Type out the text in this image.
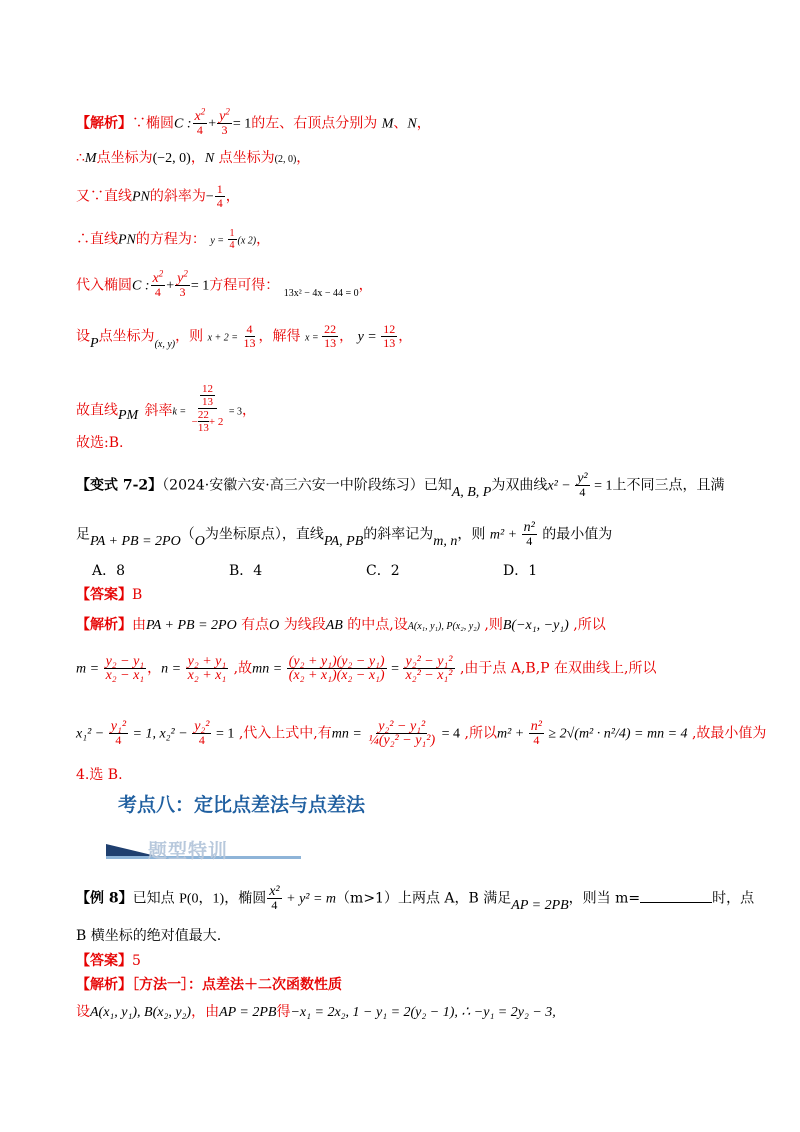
【解析】∵椭圆C : $\frac{x^2}{4} + \frac{y^2}{3} = 1$的左、右顶点分别为 M、N，
∴M点坐标为(−2, 0)，N 点坐标为(2, 0)，
又∵直线PN的斜率为− $\frac{1}{4}$ ，
∴直线PN的方程为： $y = \frac{1}{4} (x$ 2)，
代入椭圆C : $\frac{x^2}{4} + \frac{y^2}{3} = 1$方程可得： $_{13x^2 - 4x - 44 = 0}$，
设P点坐标为$_{(x, y)}$，则 $x + 2 = \frac{4}{13}$ ，解得 $x = \frac{22}{13}$ ， $y = \frac{12}{13}$ ，
故直线 PM 斜率k = 12
13
− $\frac{22}{13} + 2 = 3$，
故选:B.
【变式 7-2】（2024·安徽六安·高三六安一中阶段练习）已知A, B, P为双曲线$x^2 - \frac{\text{y²}}{4} = 1$上不同三点，且满
足PA + PB = 2PO（O为坐标原点），直线PA, PB的斜率记为m, n，则 $m^2 + \frac{\text{n²}}{4}$ 的最小值为
A．8	B．4	C．2	D．1
【答案】B
【解析】由PA + PB = 2PO 有点O 为线段AB 的中点,设A(x₁, y₁), P(x₂, y₂) ,则B(−x₁, −y₁) ,所以
$m = \frac{\text{y₂ − y₁}}{\text{x₂ − x₁}}$ ，$n = \frac{\text{y₂ + y₁}}{\text{x₂ + x₁}}$ ,故mn = $\frac{\text{(y₂ + y₁)(y₂ − y₁)}}{\text{(x₂ + x₁)(x₂ − x₁)}} = \frac{\text{y₂² − y₁²}}{\text{x₂² − x₁²}}$ ,由于点 A,B,P 在双曲线上,所以
$x_1^2 - \frac{\text{y₁²}}{4} = 1$, $x_2^2 - \frac{\text{y₂²}}{4} = 1$ ,代入上式中,有mn = $\frac{\text{y₂² − y₁²}}{\text{¼(y₂² − y₁²)}} = 4$ ,所以$m^2 + \frac{\text{n²}}{4} \ge 2√(m^2 \cdot n^2/4)$ = mn = 4 ,故最小值为
4.选 B.
考点八：定比点差法与点差法
题型特训
【例 8】已知点 P(0，1)，椭圆 $\frac{\text{x²}}{4} + y^2 = m(m>1)$上两点 A，B 满足AP = 2PB，则当 m=	时，点
B 横坐标的绝对值最大.
【答案】5
【解析】［方法一］：点差法＋二次函数性质
设A(x₁, y₁), B(x₂, y₂)，由AP = 2PB得−x₁ = 2x₂, 1 − y₁ = 2(y₂ − 1), ∴ −y₁ = 2y₂ − 3,
